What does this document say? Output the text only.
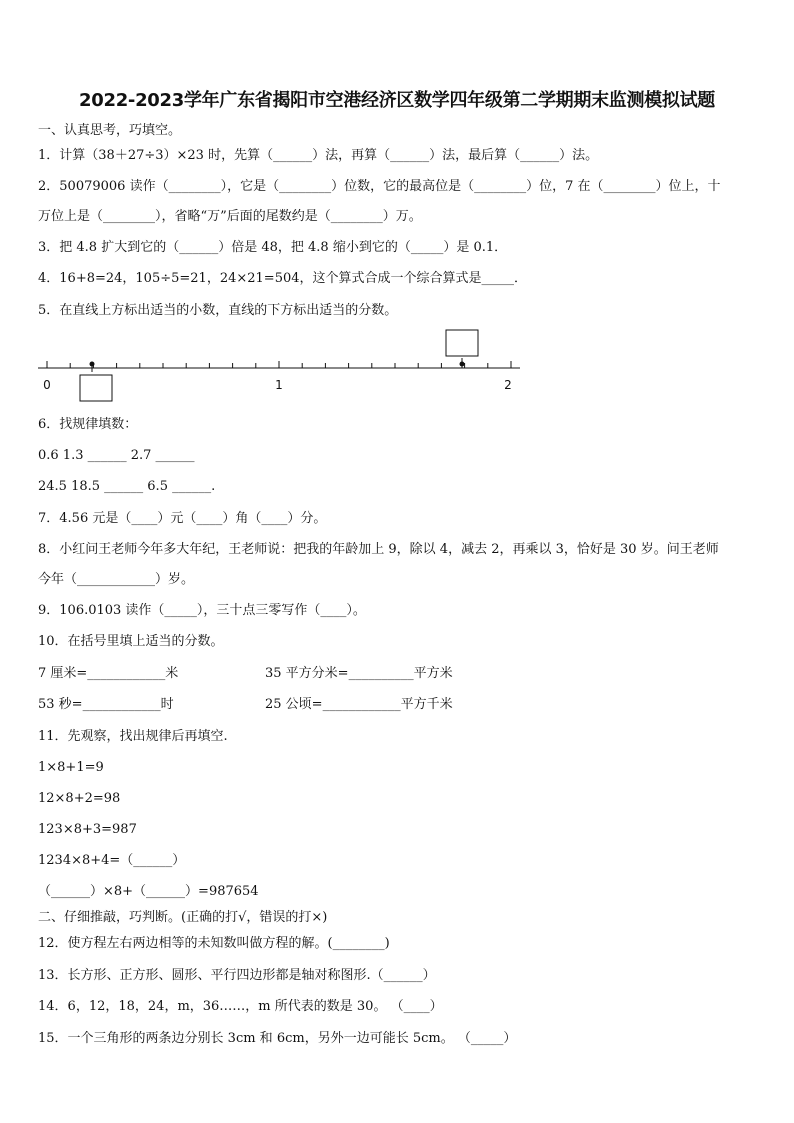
2022-2023学年广东省揭阳市空港经济区数学四年级第二学期期末监测模拟试题
一、认真思考，巧填空。
1．计算（38＋27÷3）×23 时，先算（______）法，再算（______）法，最后算（______）法。
2．50079006 读作（________），它是（________）位数，它的最高位是（________）位，7 在（________）位上，十
万位上是（________），省略“万”后面的尾数约是（________）万。
3．把 4.8 扩大到它的（______）倍是 48，把 4.8 缩小到它的（_____）是 0.1．
4．16+8=24，105÷5=21，24×21=504，这个算式合成一个综合算式是_____．
5．在直线上方标出适当的小数，直线的下方标出适当的分数。
0	1	2
6．找规律填数：
0.6 1.3 ______ 2.7 ______
24.5 18.5 ______ 6.5 ______.
7．4.56 元是（____）元（____）角（____）分。
8．小红问王老师今年多大年纪，王老师说：把我的年龄加上 9，除以 4，减去 2，再乘以 3，恰好是 30 岁。问王老师
今年（____________）岁。
9．106.0103 读作（_____），三十点三零写作（____）。
10．在括号里填上适当的分数。
7 厘米=____________米	35 平方分米=__________平方米
53 秒=____________时	25 公顷=____________平方千米
11．先观察，找出规律后再填空.
1×8+1=9
12×8+2=98
123×8+3=987
1234×8+4=（______）
（______）×8+（______）=987654
二、仔细推敲，巧判断。(正确的打√，错误的打×)
12．使方程左右两边相等的未知数叫做方程的解。(________)
13．长方形、正方形、圆形、平行四边形都是轴对称图形.（______）
14．6，12，18，24，m，36……，m 所代表的数是 30。 （____）
15．一个三角形的两条边分别长 3cm 和 6cm，另外一边可能长 5cm。 （_____）
